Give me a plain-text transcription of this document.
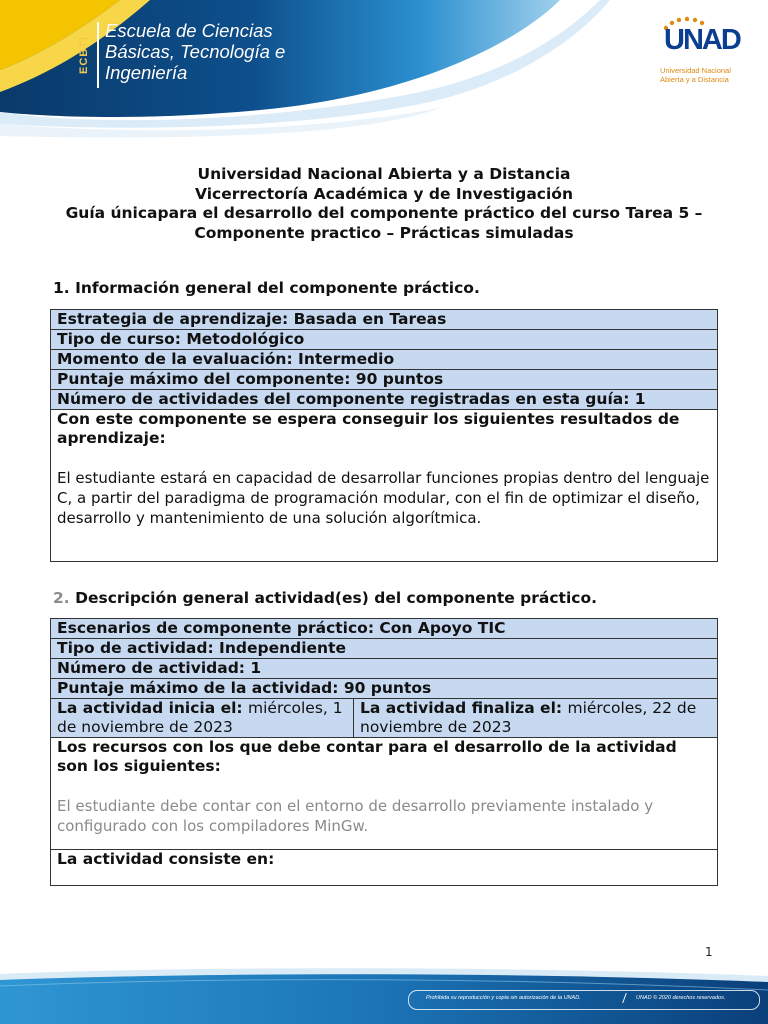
ECBTI
Escuela de Ciencias
Básicas, Tecnología e
Ingeniería
UNAD
Universidad Nacional
Abierta y a Distancia
Universidad Nacional Abierta y a Distancia
Vicerrectoría Académica y de Investigación
Guía únicapara el desarrollo del componente práctico del curso Tarea 5 –
Componente practico – Prácticas simuladas
1. Información general del componente práctico.
Estrategia de aprendizaje: Basada en Tareas
Tipo de curso: Metodológico
Momento de la evaluación: Intermedio
Puntaje máximo del componente: 90 puntos
Número de actividades del componente registradas en esta guía: 1

Con este componente se espera conseguir los siguientes resultados de aprendizaje:
El estudiante estará en capacidad de desarrollar funciones propias dentro del lenguaje C, a partir del paradigma de programación modular, con el fin de optimizar el diseño, desarrollo y mantenimiento de una solución algorítmica.
2. Descripción general actividad(es) del componente práctico.
Escenarios de componente práctico: Con Apoyo TIC
Tipo de actividad: Independiente
Número de actividad: 1
Puntaje máximo de la actividad: 90 puntos
La actividad inicia el: miércoles, 1 de noviembre de 2023	La actividad finaliza el: miércoles, 22 de noviembre de 2023

Los recursos con los que debe contar para el desarrollo de la actividad son los siguientes:
El estudiante debe contar con el entorno de desarrollo previamente instalado y configurado con los compiladores MinGw.

La actividad consiste en:
1
Prohibida su reproducción y copia sin autorización de la UNAD.	UNAD © 2020 derechos reservados.
